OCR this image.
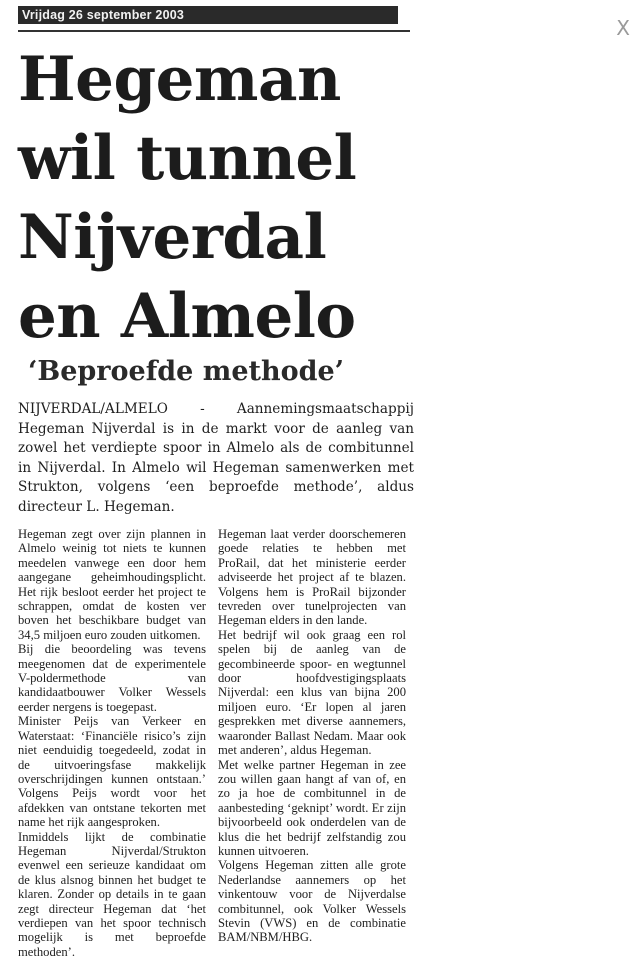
Vrijdag 26 september 2003
X
Hegeman
wil tunnel
Nijverdal
en Almelo
‘Beproefde methode’

NIJVERDAL/ALMELO - Aannemingsmaatschappij Hegeman Nijverdal is in de markt voor de aanleg van zowel het verdiepte spoor in Almelo als de combitunnel in Nijverdal. In Almelo wil Hegeman samenwerken met Strukton, volgens ‘een beproefde methode’, aldus directeur L. Hegeman.

Hegeman zegt over zijn plannen in Almelo weinig tot niets te kunnen meedelen vanwege een door hem aangegane geheimhoudingsplicht. Het rijk besloot eerder het project te schrappen, omdat de kosten ver boven het beschikbare budget van 34,5 miljoen euro zouden uitkomen.

Bij die beoordeling was tevens meegenomen dat de experimentele V-poldermethode van kandidaatbouwer Volker Wessels eerder nergens is toegepast.

Minister Peijs van Verkeer en Waterstaat: ‘Financiële risico’s zijn niet eenduidig toegedeeld, zodat in de uitvoeringsfase makkelijk overschrijdingen kunnen ontstaan.’ Volgens Peijs wordt voor het afdekken van ontstane tekorten met name het rijk aangesproken.

Inmiddels lijkt de combinatie Hegeman Nijverdal/Strukton evenwel een serieuze kandidaat om de klus alsnog binnen het budget te klaren. Zonder op details in te gaan zegt directeur Hegeman dat ‘het verdiepen van het spoor technisch mogelijk is met beproefde methoden’.

Hegeman laat verder doorschemeren goede relaties te hebben met ProRail, dat het ministerie eerder adviseerde het project af te blazen. Volgens hem is ProRail bijzonder tevreden over tunelprojecten van Hegeman elders in den lande.

Het bedrijf wil ook graag een rol spelen bij de aanleg van de gecombineerde spoor- en wegtunnel door hoofdvestigingsplaats Nijverdal: een klus van bijna 200 miljoen euro. ‘Er lopen al jaren gesprekken met diverse aannemers, waaronder Ballast Nedam. Maar ook met anderen’, aldus Hegeman.

Met welke partner Hegeman in zee zou willen gaan hangt af van of, en zo ja hoe de combitunnel in de aanbesteding ‘geknipt’ wordt. Er zijn bijvoorbeeld ook onderdelen van de klus die het bedrijf zelfstandig zou kunnen uitvoeren.

Volgens Hegeman zitten alle grote Nederlandse aannemers op het vinkentouw voor de Nijverdalse combitunnel, ook Volker Wessels Stevin (VWS) en de combinatie BAM/NBM/HBG.
